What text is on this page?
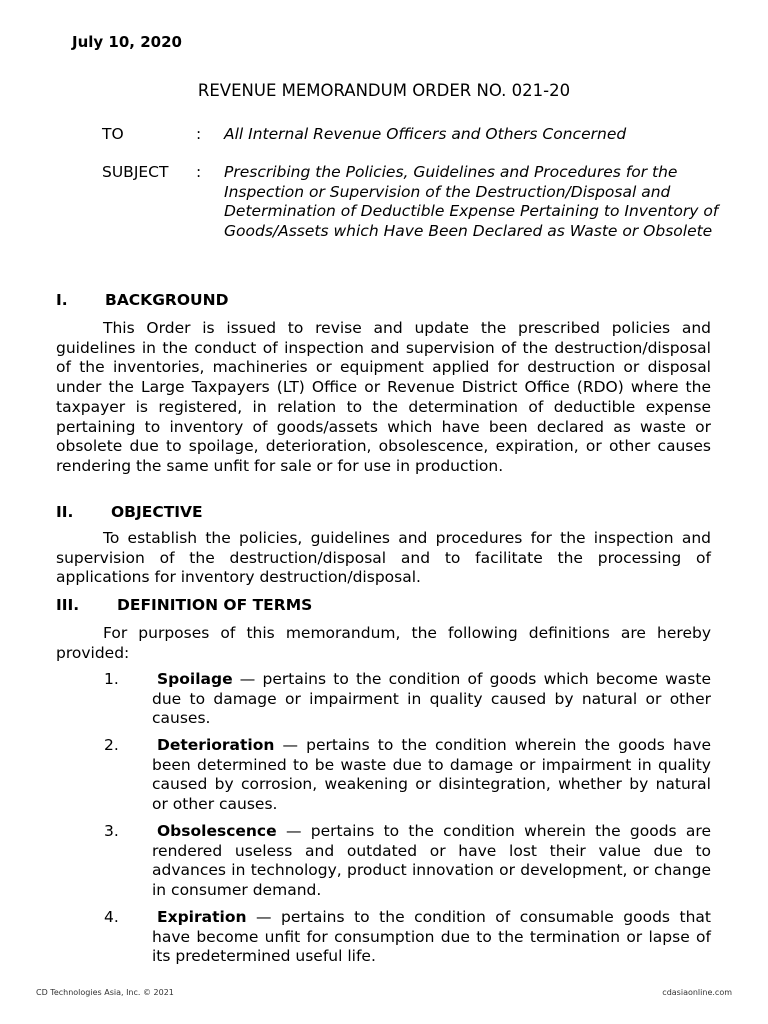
July 10, 2020
REVENUE MEMORANDUM ORDER NO. 021-20
TO	: All Internal Revenue Officers and Others Concerned
SUBJECT : Prescribing the Policies, Guidelines and Procedures for the Inspection or Supervision of the Destruction/Disposal and Determination of Deductible Expense Pertaining to Inventory of Goods/Assets which Have Been Declared as Waste or Obsolete
I. BACKGROUND
This Order is issued to revise and update the prescribed policies and guidelines in the conduct of inspection and supervision of the destruction/disposal of the inventories, machineries or equipment applied for destruction or disposal under the Large Taxpayers (LT) Office or Revenue District Office (RDO) where the taxpayer is registered, in relation to the determination of deductible expense pertaining to inventory of goods/assets which have been declared as waste or obsolete due to spoilage, deterioration, obsolescence, expiration, or other causes rendering the same unfit for sale or for use in production.
II. OBJECTIVE
To establish the policies, guidelines and procedures for the inspection and supervision of the destruction/disposal and to facilitate the processing of applications for inventory destruction/disposal.
III. DEFINITION OF TERMS
For purposes of this memorandum, the following definitions are hereby provided:
1.	Spoilage — pertains to the condition of goods which become waste due to damage or impairment in quality caused by natural or other causes.
2.	Deterioration — pertains to the condition wherein the goods have been determined to be waste due to damage or impairment in quality caused by corrosion, weakening or disintegration, whether by natural or other causes.
3.	Obsolescence — pertains to the condition wherein the goods are rendered useless and outdated or have lost their value due to advances in technology, product innovation or development, or change in consumer demand.
4.	Expiration — pertains to the condition of consumable goods that have become unfit for consumption due to the termination or lapse of its predetermined useful life.
CD Technologies Asia, Inc. © 2021	cdasiaonline.com
